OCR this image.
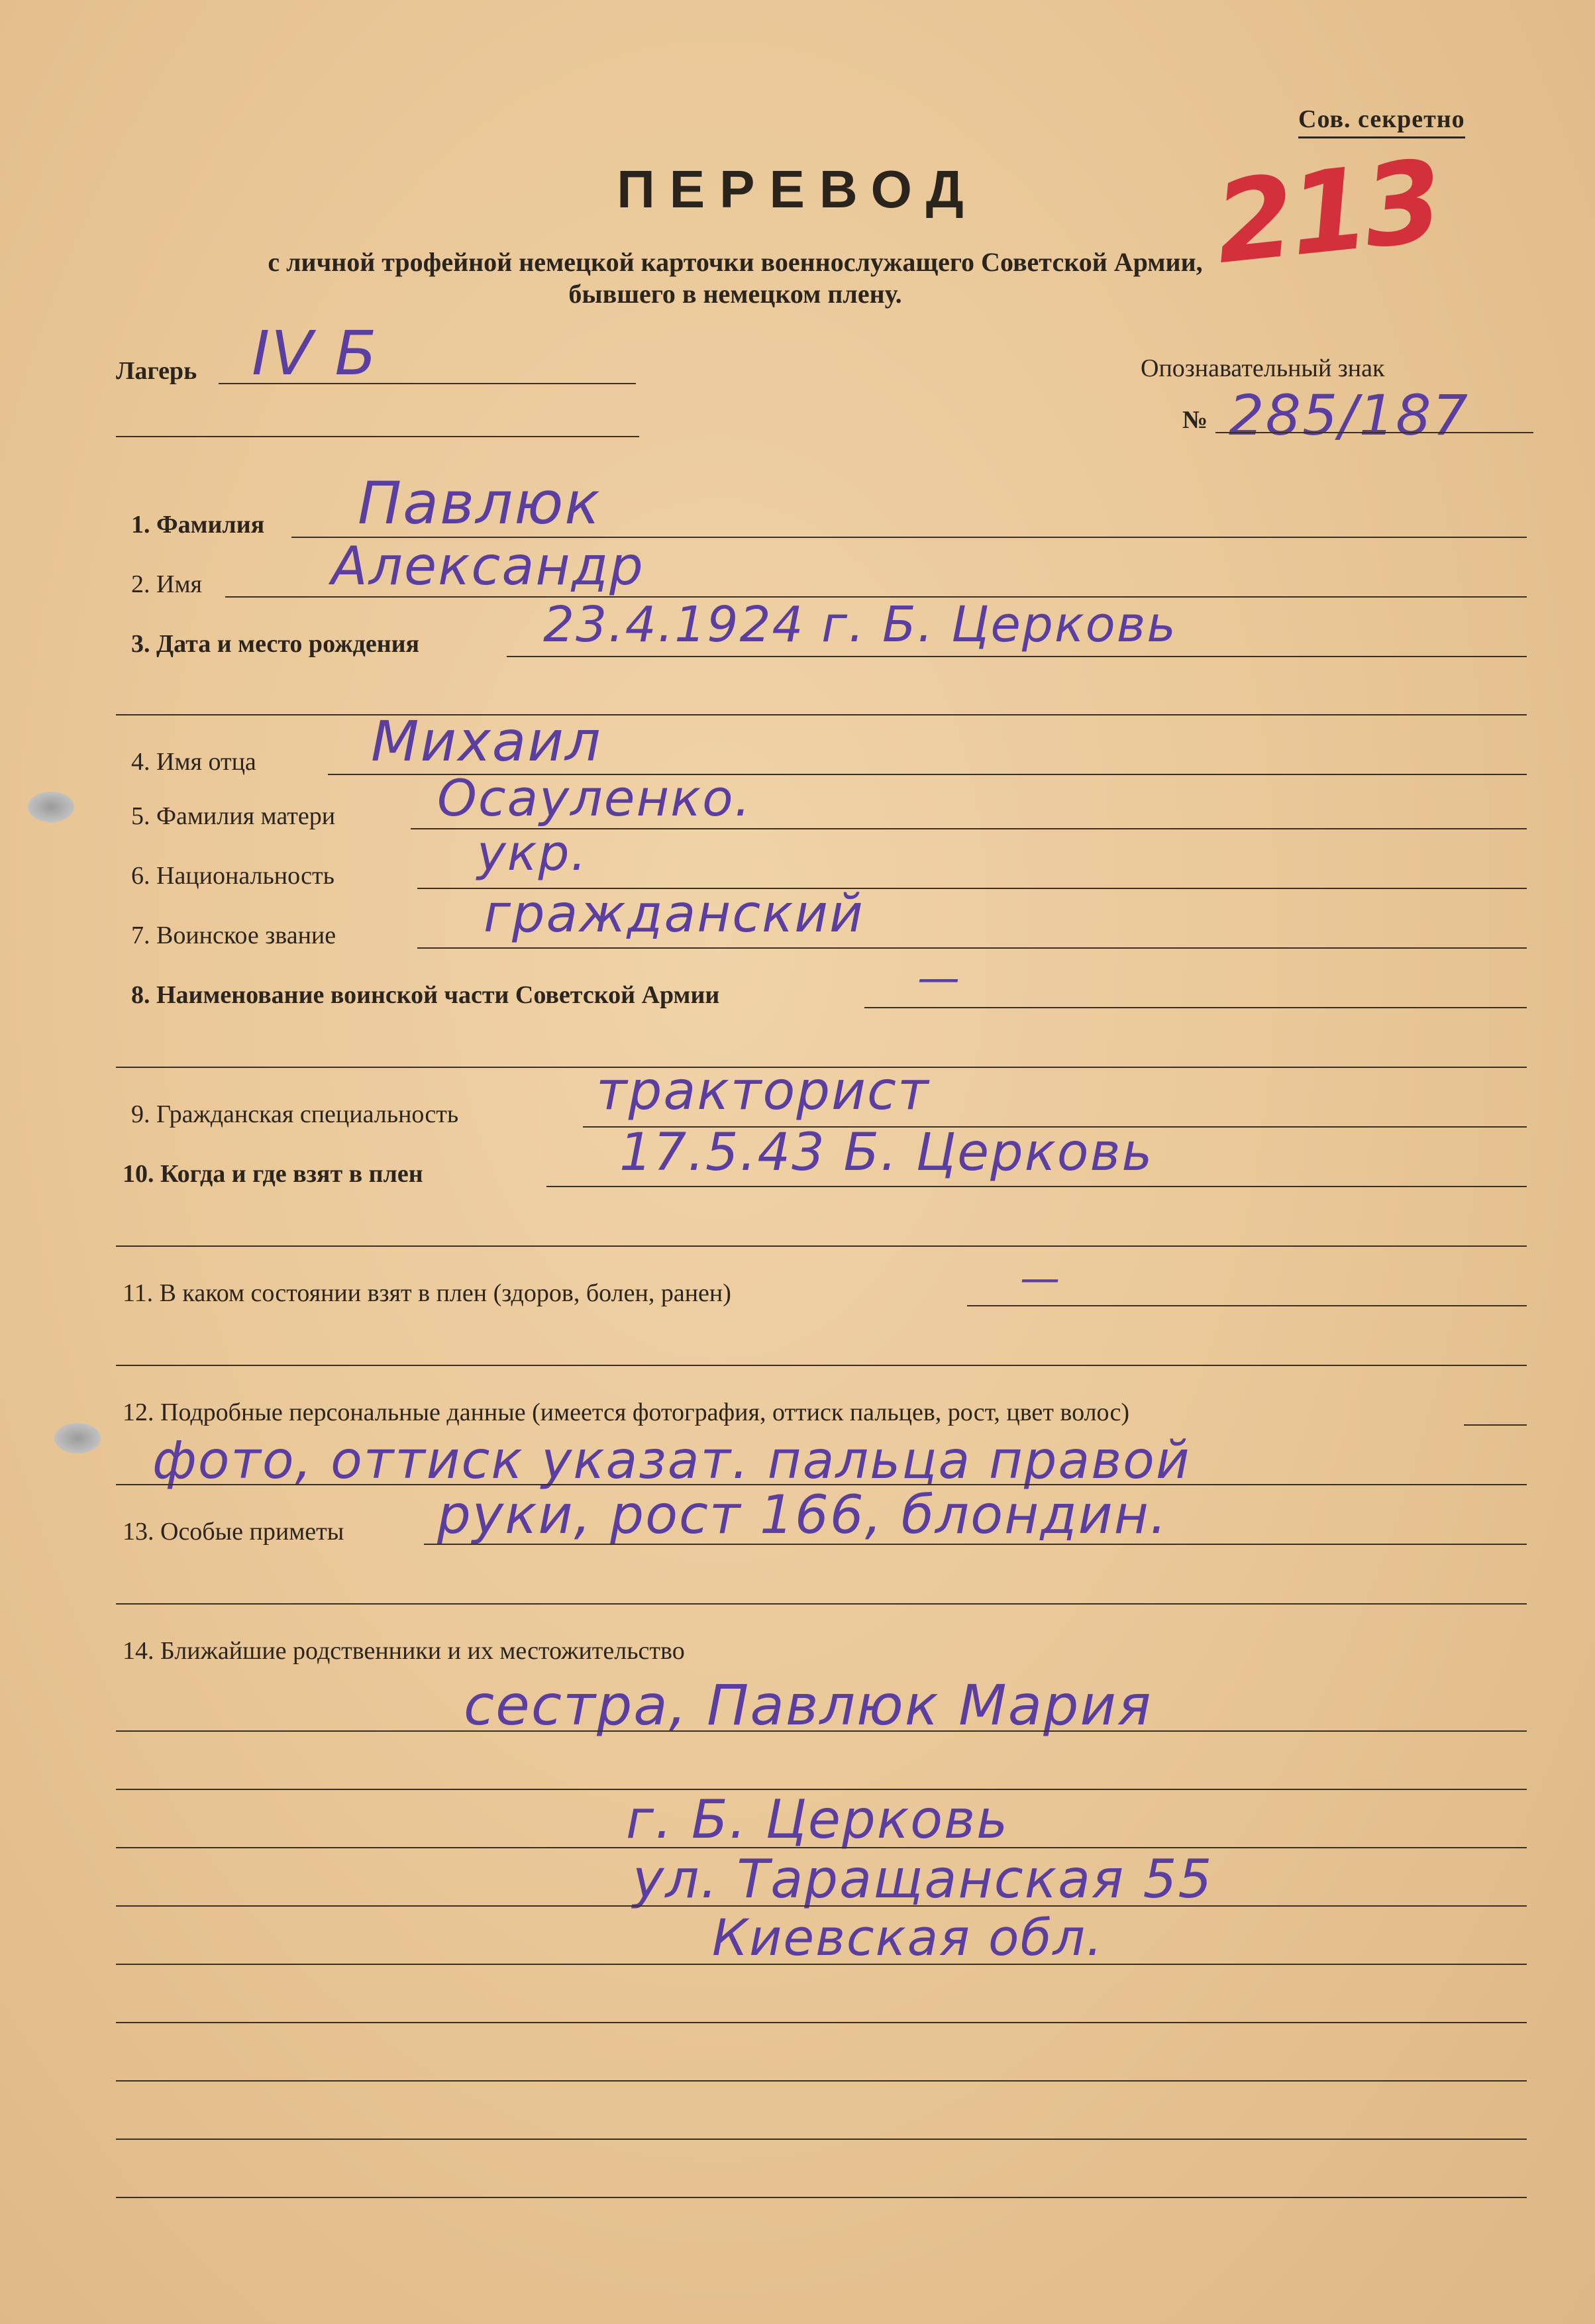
Сов. секретно
ПЕРЕВОД
с личной трофейной немецкой карточки военнослужащего Советской Армии,
бывшего в немецком плену.
213
Лагерь IV Б	Опознавательный знак
№ 285/187
1. Фамилия Павлюк
2. Имя Александр
3. Дата и место рождения	23.4.1924 г. Б. Церковь
4. Имя отца Михаил
5. Фамилия матери Осауленко.
6. Национальность	укр.
7. Воинское звание	гражданский
8. Наименование воинской части Советской Армии	—
9. Гражданская специальность	тракторист
10. Когда и где взят в плен	17.5.43 Б. Церковь
11. В каком состоянии взят в плен (здоров, болен, ранен)	—
12. Подробные персональные данные (имеется фотография, оттиск пальцев, рост, цвет волос)
фото, оттиск указат. пальца правой
13. Особые приметы руки, рост 166, блондин.
14. Ближайшие родственники и их местожительство
сестра, Павлюк Мария
г. Б. Церковь
ул. Таращанская 55
Киевская обл.
